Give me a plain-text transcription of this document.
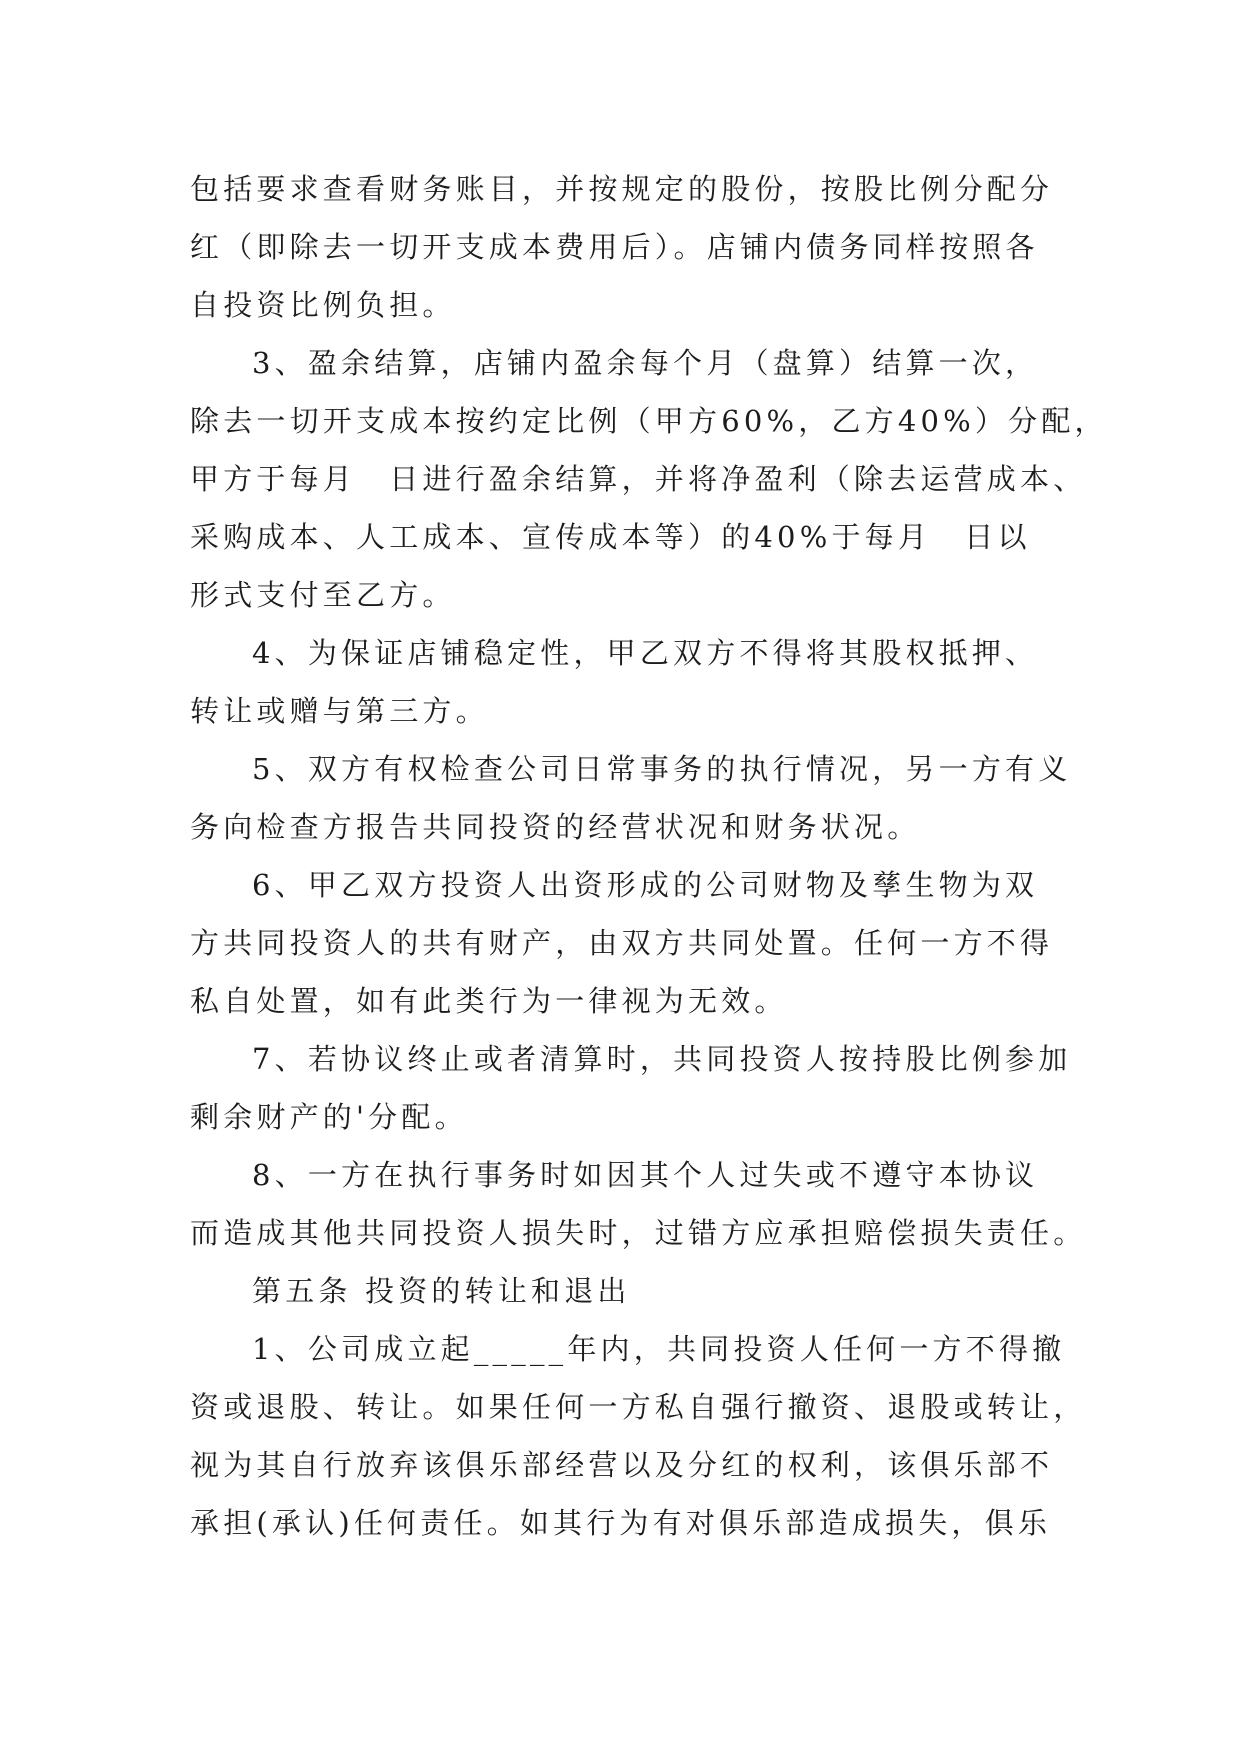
包括要求查看财务账目，并按规定的股份，按股比例分配分
红（即除去一切开支成本费用后）。店铺内债务同样按照各
自投资比例负担。
3、盈余结算，店铺内盈余每个月（盘算）结算一次，
除去一切开支成本按约定比例（甲方60%，乙方40%）分配，
甲方于每月　日进行盈余结算，并将净盈利（除去运营成本、
采购成本、人工成本、宣传成本等）的40%于每月　日以
形式支付至乙方。
4、为保证店铺稳定性，甲乙双方不得将其股权抵押、
转让或赠与第三方。
5、双方有权检查公司日常事务的执行情况，另一方有义
务向检查方报告共同投资的经营状况和财务状况。
6、甲乙双方投资人出资形成的公司财物及孳生物为双
方共同投资人的共有财产，由双方共同处置。任何一方不得
私自处置，如有此类行为一律视为无效。
7、若协议终止或者清算时，共同投资人按持股比例参加
剩余财产的'分配。
8、一方在执行事务时如因其个人过失或不遵守本协议
而造成其他共同投资人损失时，过错方应承担赔偿损失责任。
第五条 投资的转让和退出
1、公司成立起_____年内，共同投资人任何一方不得撤
资或退股、转让。如果任何一方私自强行撤资、退股或转让，
视为其自行放弃该俱乐部经营以及分红的权利，该俱乐部不
承担(承认)任何责任。如其行为有对俱乐部造成损失，俱乐
